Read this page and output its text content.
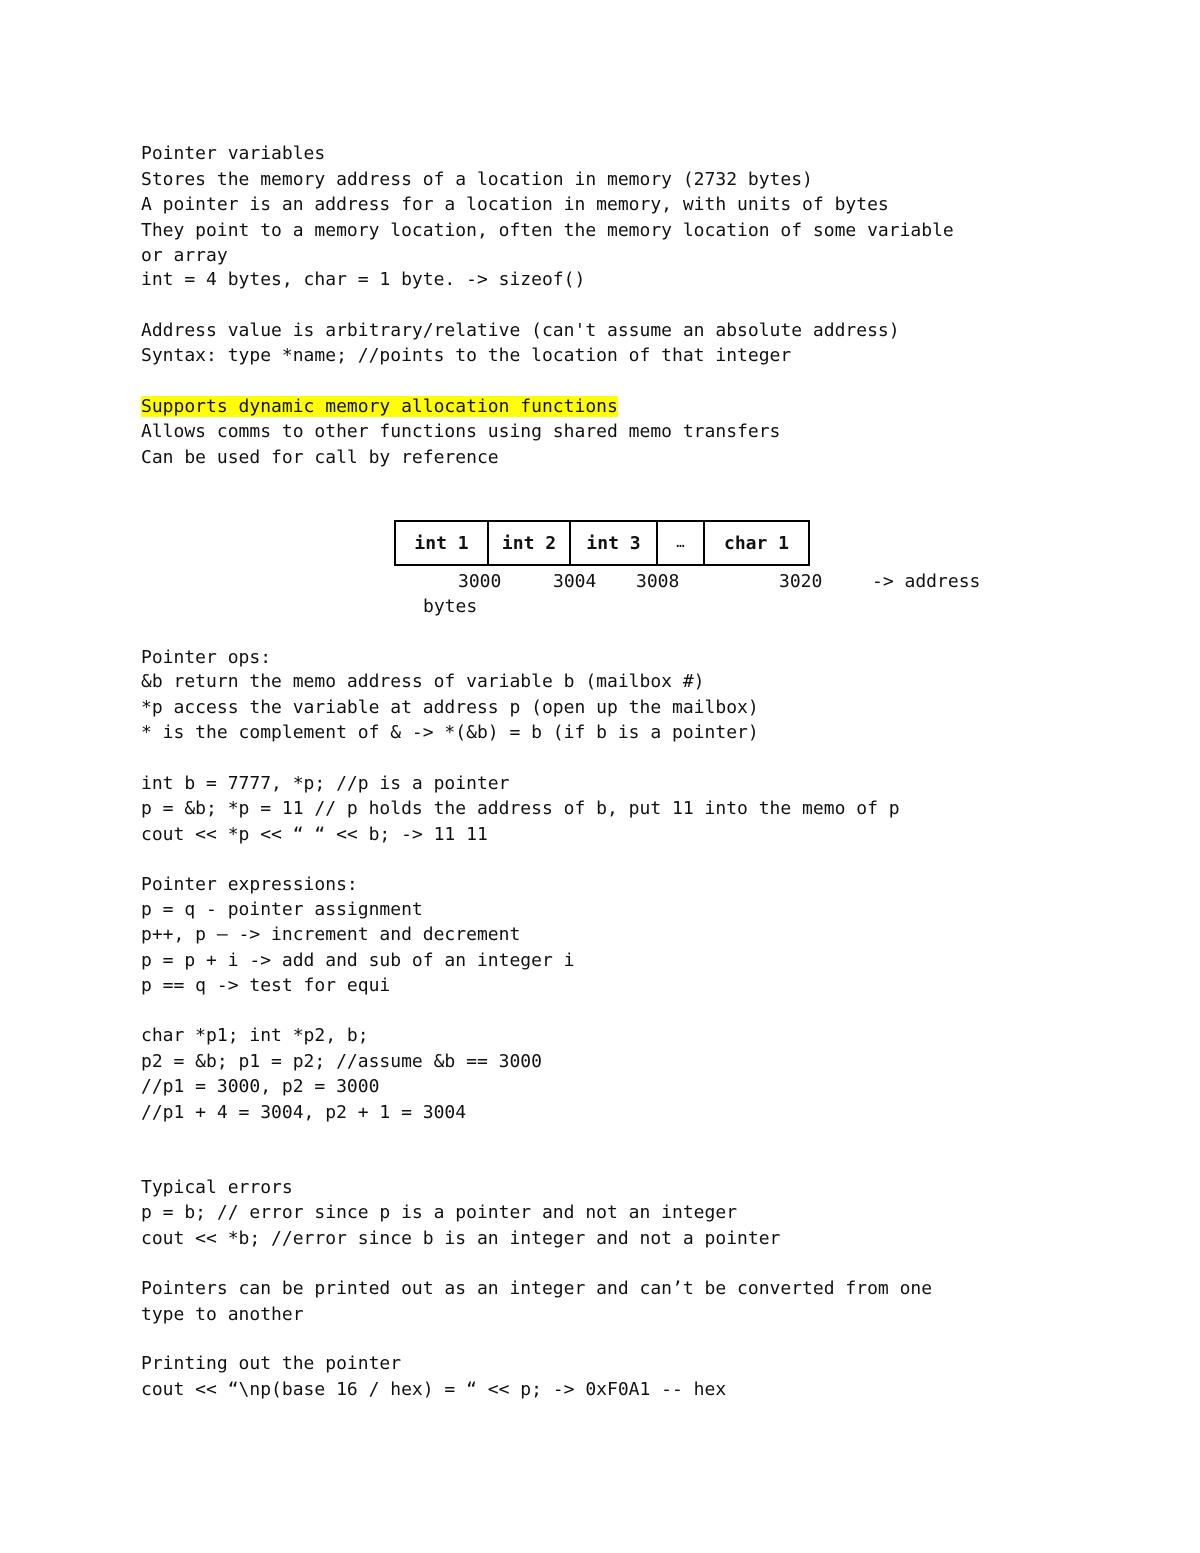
Pointer variables
Stores the memory address of a location in memory (2732 bytes)
A pointer is an address for a location in memory, with units of bytes
They point to a memory location, often the memory location of some variable
or array
int = 4 bytes, char = 1 byte. -> sizeof()
Address value is arbitrary/relative (can't assume an absolute address)
Syntax: type *name; //points to the location of that integer
Supports dynamic memory allocation functions
Allows comms to other functions using shared memo transfers
Can be used for call by reference
int 1	int 2	int 3	…	char 1
3000	3004 3008	3020	-> address
bytes
Pointer ops:
&b return the memo address of variable b (mailbox #)
*p access the variable at address p (open up the mailbox)
* is the complement of & -> *(&b) = b (if b is a pointer)
int b = 7777, *p; //p is a pointer
p = &b; *p = 11 // p holds the address of b, put 11 into the memo of p
cout << *p << “ “ << b; -> 11 11
Pointer expressions:
p = q - pointer assignment
p++, p – -> increment and decrement
p = p + i -> add and sub of an integer i
p == q -> test for equi
char *p1; int *p2, b;
p2 = &b; p1 = p2; //assume &b == 3000
//p1 = 3000, p2 = 3000
//p1 + 4 = 3004, p2 + 1 = 3004
Typical errors
p = b; // error since p is a pointer and not an integer
cout << *b; //error since b is an integer and not a pointer
Pointers can be printed out as an integer and can’t be converted from one
type to another
Printing out the pointer
cout << “\np(base 16 / hex) = “ << p; -> 0xF0A1 -- hex
